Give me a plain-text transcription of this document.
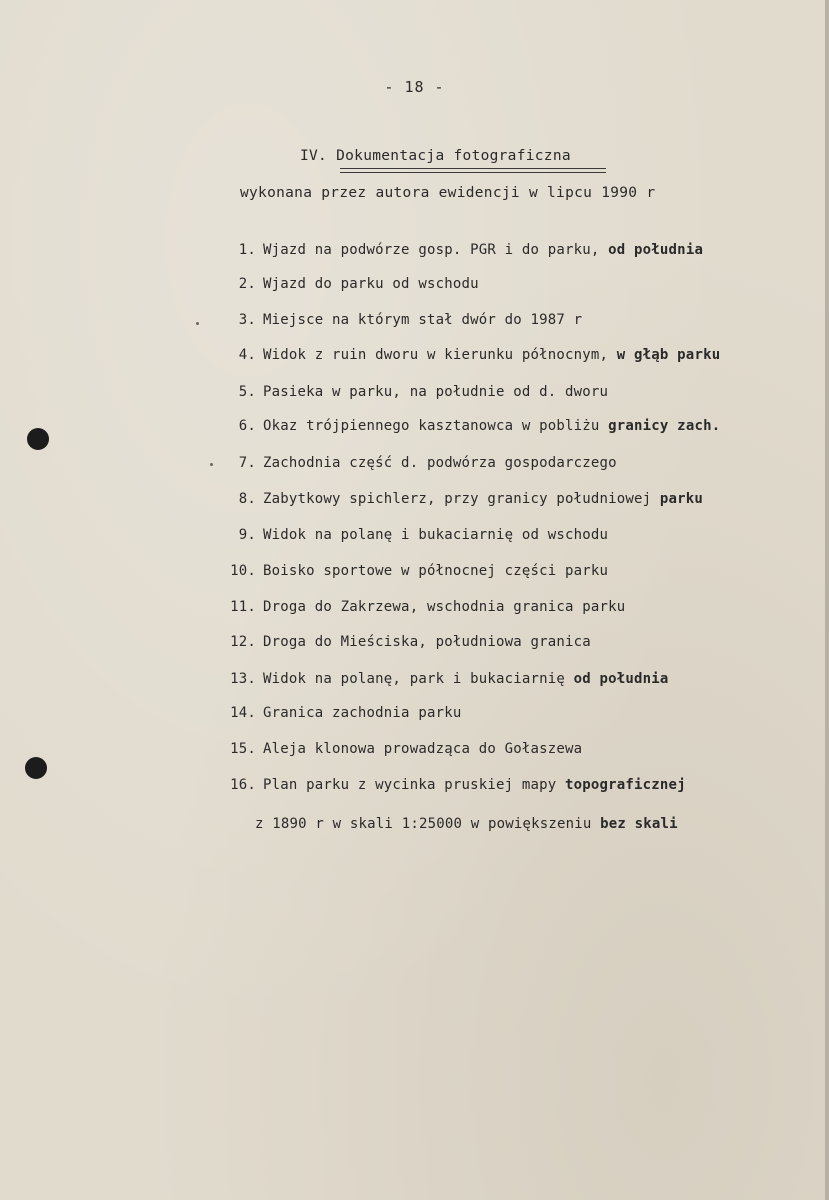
- 18 -
IV. Dokumentacja fotograficzna
wykonana przez autora ewidencji w lipcu 1990 r
1. Wjazd na podwórze gosp. PGR i do parku, od południa
2. Wjazd do parku od wschodu
3. Miejsce na którym stał dwór do 1987 r
4. Widok z ruin dworu w kierunku północnym, w głąb parku
5. Pasieka w parku, na południe od d. dworu
6. Okaz trójpiennego kasztanowca w pobliżu granicy zach.
7. Zachodnia część d. podwórza gospodarczego
8. Zabytkowy spichlerz, przy granicy południowej parku
9. Widok na polanę i bukaciarnię od wschodu
10. Boisko sportowe w północnej części parku
11. Droga do Zakrzewa, wschodnia granica parku
12. Droga do Mieściska, południowa granica
13. Widok na polanę, park i bukaciarnię od południa
14. Granica zachodnia parku
15. Aleja klonowa prowadząca do Gołaszewa
16. Plan parku z wycinka pruskiej mapy topograficznej
z 1890 r w skali 1:25000 w powiększeniu bez skali
